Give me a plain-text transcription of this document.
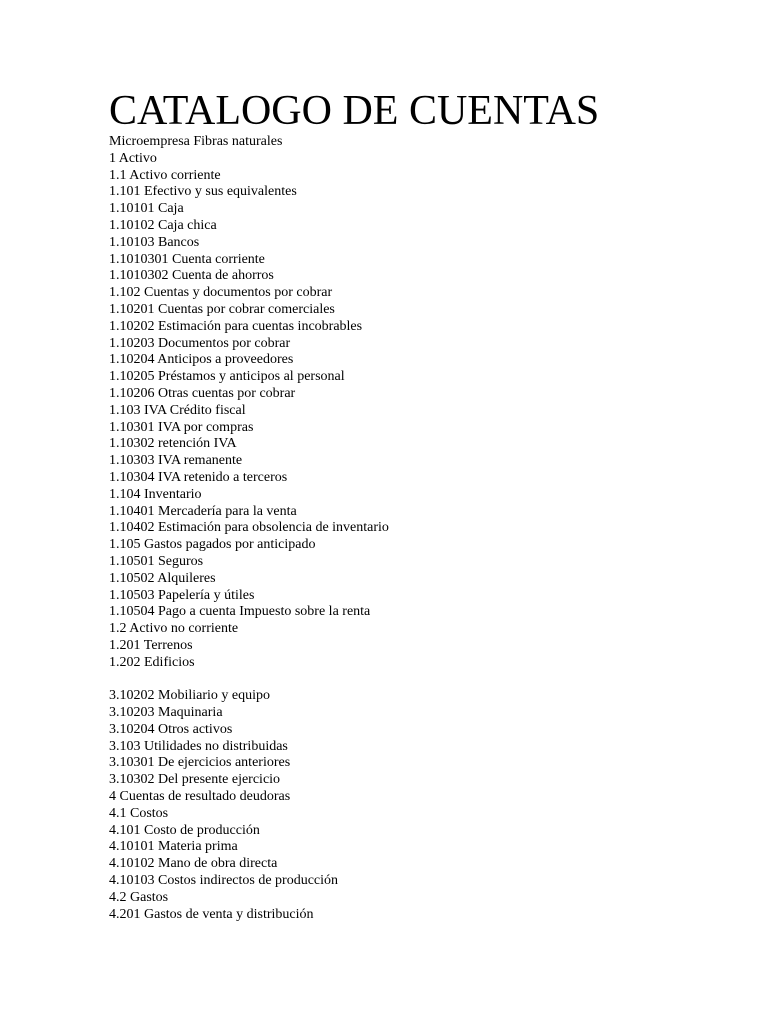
CATALOGO DE CUENTAS
Microempresa Fibras naturales
1 Activo
1.1 Activo corriente
1.101 Efectivo y sus equivalentes
1.10101 Caja
1.10102 Caja chica
1.10103 Bancos
1.1010301 Cuenta corriente
1.1010302 Cuenta de ahorros
1.102 Cuentas y documentos por cobrar
1.10201 Cuentas por cobrar comerciales
1.10202 Estimación para cuentas incobrables
1.10203 Documentos por cobrar
1.10204 Anticipos a proveedores
1.10205 Préstamos y anticipos al personal
1.10206 Otras cuentas por cobrar
1.103 IVA Crédito fiscal
1.10301 IVA por compras
1.10302 retención IVA
1.10303 IVA remanente
1.10304 IVA retenido a terceros
1.104 Inventario
1.10401 Mercadería para la venta
1.10402 Estimación para obsolencia de inventario
1.105 Gastos pagados por anticipado
1.10501 Seguros
1.10502 Alquileres
1.10503 Papelería y útiles
1.10504 Pago a cuenta Impuesto sobre la renta
1.2 Activo no corriente
1.201 Terrenos
1.202 Edificios
3.10202 Mobiliario y equipo
3.10203 Maquinaria
3.10204 Otros activos
3.103 Utilidades no distribuidas
3.10301 De ejercicios anteriores
3.10302 Del presente ejercicio
4 Cuentas de resultado deudoras
4.1 Costos
4.101 Costo de producción
4.10101 Materia prima
4.10102 Mano de obra directa
4.10103 Costos indirectos de producción
4.2 Gastos
4.201 Gastos de venta y distribución
